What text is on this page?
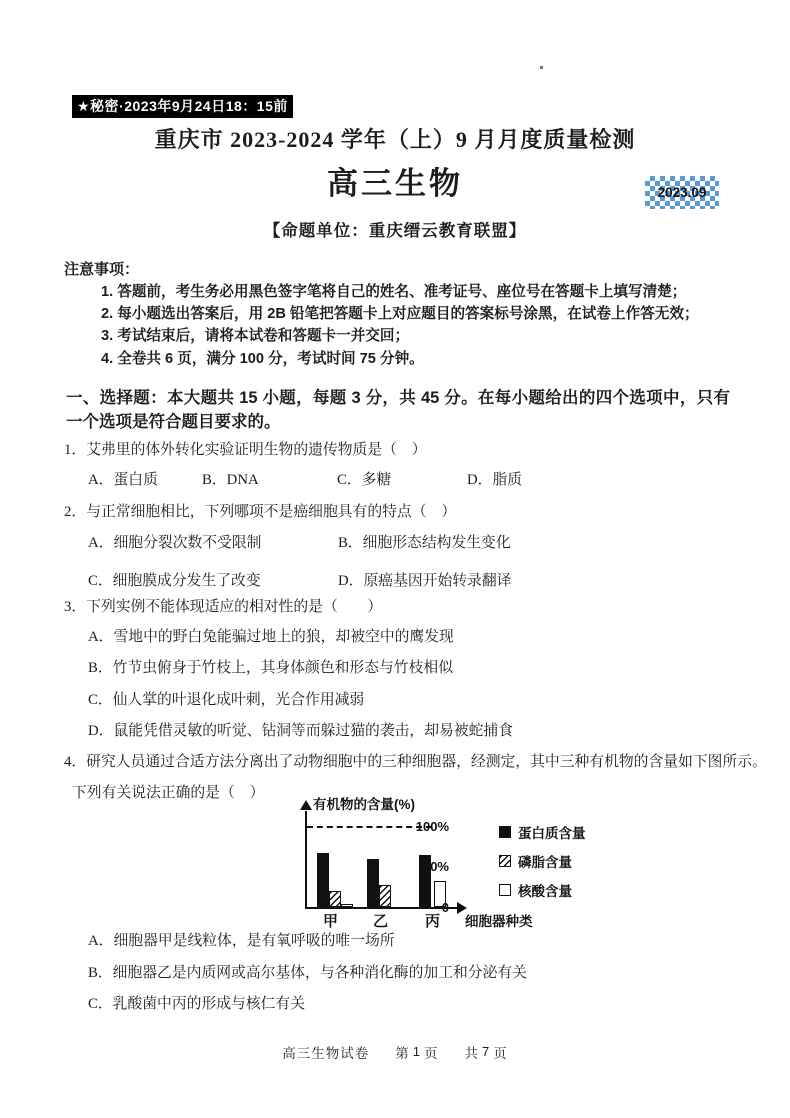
★秘密·2023年9月24日18：15前
重庆市 2023-2024 学年（上）9 月月度质量检测
高三生物	2023.09
【命题单位：重庆缙云教育联盟】
注意事项：
1. 答题前，考生务必用黑色签字笔将自己的姓名、准考证号、座位号在答题卡上填写清楚；
2. 每小题选出答案后，用 2B 铅笔把答题卡上对应题目的答案标号涂黑，在试卷上作答无效；
3. 考试结束后，请将本试卷和答题卡一并交回；
4. 全卷共 6 页，满分 100 分，考试时间 75 分钟。
一、选择题：本大题共 15 小题，每题 3 分，共 45 分。在每小题给出的四个选项中，只有一个选项是符合题目要求的。
1．艾弗里的体外转化实验证明生物的遗传物质是（　）
A．蛋白质	B．DNA	C．多糖	D．脂质
2．与正常细胞相比，下列哪项不是癌细胞具有的特点（　）
A．细胞分裂次数不受限制	B．细胞形态结构发生变化
C．细胞膜成分发生了改变	D．原癌基因开始转录翻译
3．下列实例不能体现适应的相对性的是（　　）
A．雪地中的野白兔能骗过地上的狼，却被空中的鹰发现
B．竹节虫俯身于竹枝上，其身体颜色和形态与竹枝相似
C．仙人掌的叶退化成叶刺，光合作用减弱
D．鼠能凭借灵敏的听觉、钻洞等而躲过猫的袭击，却易被蛇捕食
4．研究人员通过合适方法分离出了动物细胞中的三种细胞器，经测定，其中三种有机物的含量如下图所示。
下列有关说法正确的是（　）
有机物的含量(%)
0
50%
100%
细胞器种类
蛋白质含量
磷脂含量
核酸含量
甲 乙 丙
A．细胞器甲是线粒体，是有氧呼吸的唯一场所
B．细胞器乙是内质网或高尔基体，与各种消化酶的加工和分泌有关
C．乳酸菌中丙的形成与核仁有关
高三生物试卷 第 1 页 共 7 页
